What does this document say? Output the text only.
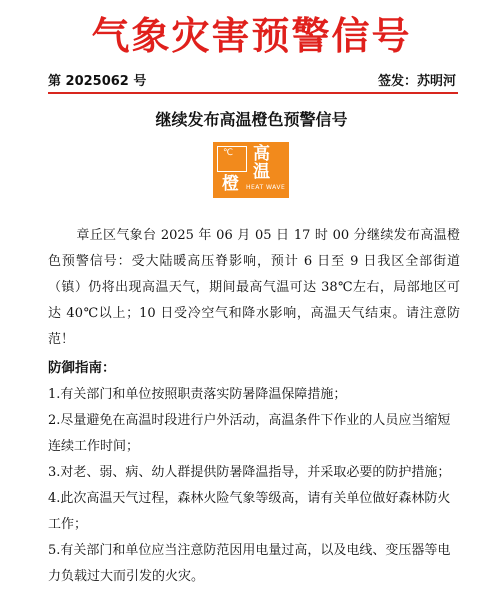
气象灾害预警信号
第 2025062 号	签发：苏明河
继续发布高温橙色预警信号
℃ 高
温
橙 HEAT WAVE
章丘区气象台 2025 年 06 月 05 日 17 时 00 分继续发布高温橙色预警信号：受大陆暖高压脊影响，预计 6 日至 9 日我区全部街道（镇）仍将出现高温天气，期间最高气温可达 38℃左右，局部地区可达 40℃以上；10 日受冷空气和降水影响，高温天气结束。请注意防范！
防御指南：

1.有关部门和单位按照职责落实防暑降温保障措施；

2.尽量避免在高温时段进行户外活动，高温条件下作业的人员应当缩短连续工作时间；

3.对老、弱、病、幼人群提供防暑降温指导，并采取必要的防护措施；

4.此次高温天气过程，森林火险气象等级高，请有关单位做好森林防火工作；

5.有关部门和单位应当注意防范因用电量过高，以及电线、变压器等电力负载过大而引发的火灾。
